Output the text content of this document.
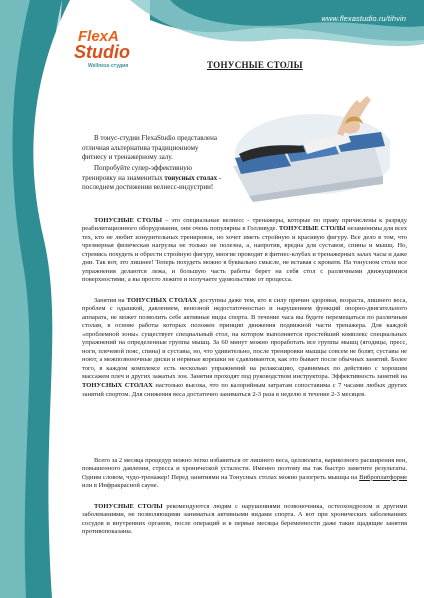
www.flexastudio.ru/tihvin
FlexA
Studio
Wellness студия	ТОНУСНЫЕ СТОЛЫ

В тонус-студии FlexaStudio представлена отличная альтернатива традиционному фитнесу и тренажерному залу.

Попробуйте супер-эффективную тренировку на знаменитых тонусных столах - последнем достижении велнесс-индустрии!

ТОНУСНЫЕ СТОЛЫ – это специальные велнесс - тренажеры, которые по праву причислены к разряду реабилитационного оборудования, они очень популярны в Голливуде. ТОНУСНЫЕ СТОЛЫ незаменимы для всех тех, кто не любит изнурительных тренировок, но хочет иметь стройную и красивую фигуру. Все дело в том, что чрезмерная физическая нагрузка не только не полезна, а, напротив, вредна для суставов, спины и мышц. Но, стремясь похудеть и обрести стройную фигуру, многие проводят в фитнес-клубах и тренажерных залах часы и даже дни. Так вот, это лишнее! Теперь похудеть можно в буквально смысле, не вставая с кровати. На тонусном столе все упражнения делаются лежа, и большую часть работы берет на себя стол с различными движущимися поверхностями, а вы просто лежите и получаете удовольствие от процесса.

Занятия на ТОНУСНЫХ СТОЛАХ доступны даже тем, кто в силу причин здоровья, возраста, лишнего веса, проблем с одышкой, давлением, венозной недостаточностью и нарушением функций опорно-двигательного аппарата, не может позволить себе активные виды спорта. В течение часа вы будете перемещаться по различным столам, в основе работы которых положен принцип движения подвижной части тренажера. Для каждой «проблемной зоны» существует специальный стол, на котором выполняется простейший комплекс специальных упражнений на определенные группы мышц. За 60 минут можно проработать все группы мышц (ягодицы, пресс, ноги, плечевой пояс, спина) и суставы, но, что удивительно, после тренировки мышцы совсем не болят, суставы не ноют, а межпозвоночные диски и нервные корешки не сдавливаются, как это бывает после обычных занятий. Более того, в каждом комплексе есть несколько упражнений на релаксацию, сравнимых по действию с хорошим массажем плеч и других зажатых зон. Занятия проходят под руководством инструктора. Эффективность занятий на ТОНУСНЫХ СТОЛАХ настолько высока, что по калорийным затратам сопоставима с 7 часами любых других занятий спортом. Для снижения веса достаточно заниматься 2-3 раза в неделю в течение 2-3 месяцев.

Всего за 2 месяца процедур можно легко избавиться от лишнего веса, целлюлита, варикозного расширения вен, повышенного давления, стресса и хронической усталости. Именно поэтому вы так быстро заметите результаты. Одним словом, чудо-тренажер! Перед занятиями на Тонусных столах можно разогреть мышцы на Виброплатформе или в Инфракрасной сауне.

ТОНУСНЫЕ СТОЛЫ рекомендуются людям с нарушениями позвоночника, остеохондрозом и другими заболеваниями, не позволяющими заниматься активными видами спорта. А вот при хронических заболеваниях сосудов и внутренних органов, после операций и в первые месяцы беременности даже такие щадящие занятия противопоказаны.
